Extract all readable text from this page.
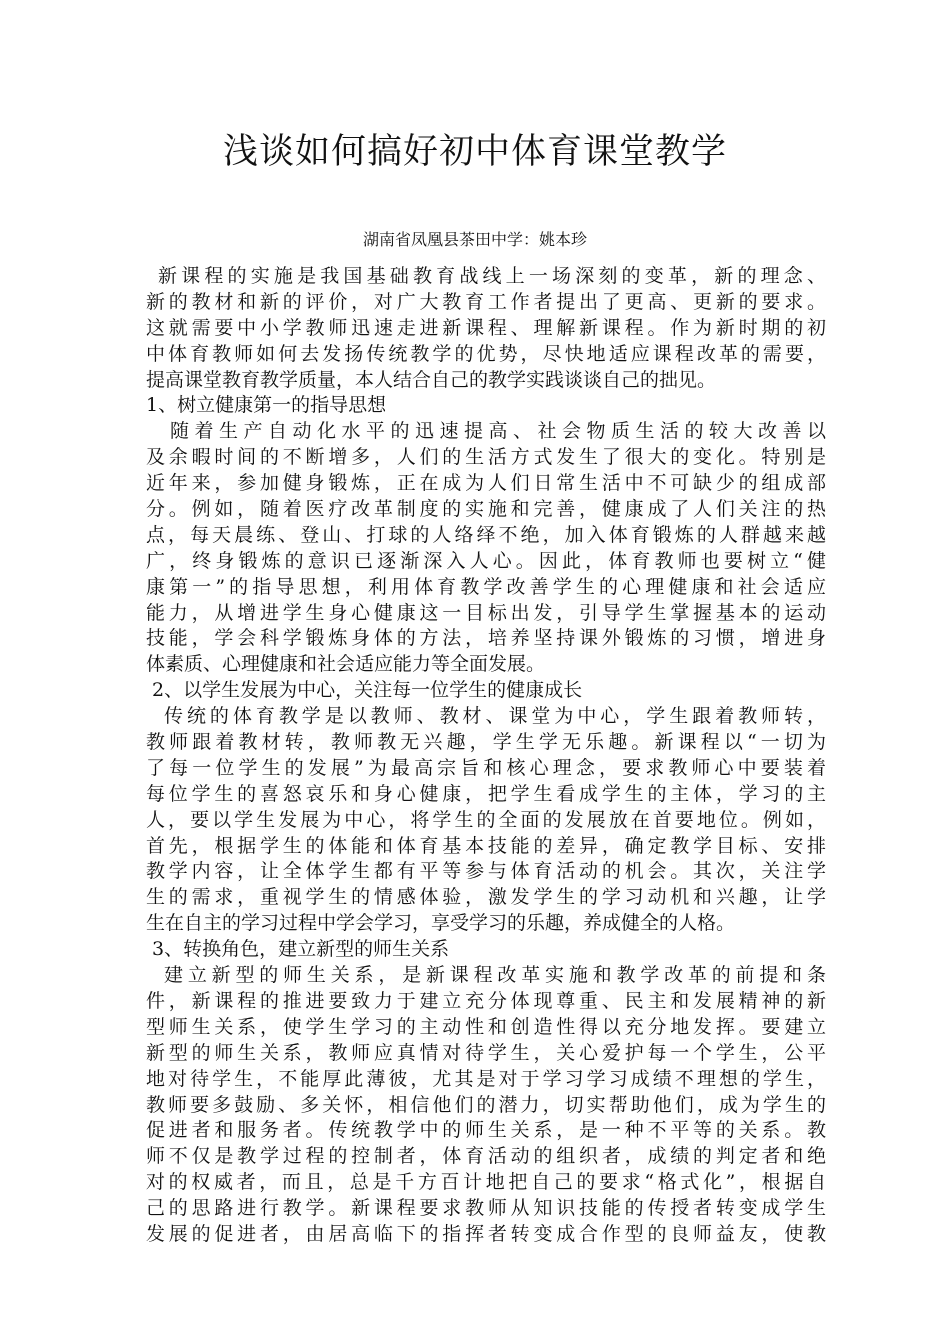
浅谈如何搞好初中体育课堂教学

湖南省凤凰县茶田中学：姚本珍

新课程的实施是我国基础教育战线上一场深刻的变革，新的理念、
新的教材和新的评价，对广大教育工作者提出了更高、更新的要求。
这就需要中小学教师迅速走进新课程、理解新课程。作为新时期的初
中体育教师如何去发扬传统教学的优势，尽快地适应课程改革的需要，
提高课堂教育教学质量，本人结合自己的教学实践谈谈自己的拙见。
1、树立健康第一的指导思想
随着生产自动化水平的迅速提高、社会物质生活的较大改善以
及余暇时间的不断增多，人们的生活方式发生了很大的变化。特别是
近年来，参加健身锻炼，正在成为人们日常生活中不可缺少的组成部
分。例如，随着医疗改革制度的实施和完善，健康成了人们关注的热
点，每天晨练、登山、打球的人络绎不绝，加入体育锻炼的人群越来越
广，终身锻炼的意识已逐渐深入人心。因此，体育教师也要树立“健
康第一”的指导思想，利用体育教学改善学生的心理健康和社会适应
能力，从增进学生身心健康这一目标出发，引导学生掌握基本的运动
技能，学会科学锻炼身体的方法，培养坚持课外锻炼的习惯，增进身
体素质、心理健康和社会适应能力等全面发展。
2、以学生发展为中心，关注每一位学生的健康成长
传统的体育教学是以教师、教材、课堂为中心，学生跟着教师转，
教师跟着教材转，教师教无兴趣，学生学无乐趣。新课程以“一切为
了每一位学生的发展”为最高宗旨和核心理念，要求教师心中要装着
每位学生的喜怒哀乐和身心健康，把学生看成学生的主体，学习的主
人，要以学生发展为中心，将学生的全面的发展放在首要地位。例如，
首先，根据学生的体能和体育基本技能的差异，确定教学目标、安排
教学内容，让全体学生都有平等参与体育活动的机会。其次，关注学
生的需求，重视学生的情感体验，激发学生的学习动机和兴趣，让学
生在自主的学习过程中学会学习，享受学习的乐趣，养成健全的人格。
3、转换角色，建立新型的师生关系
建立新型的师生关系，是新课程改革实施和教学改革的前提和条
件，新课程的推进要致力于建立充分体现尊重、民主和发展精神的新
型师生关系，使学生学习的主动性和创造性得以充分地发挥。要建立
新型的师生关系，教师应真情对待学生，关心爱护每一个学生，公平
地对待学生，不能厚此薄彼，尤其是对于学习学习成绩不理想的学生，
教师要多鼓励、多关怀，相信他们的潜力，切实帮助他们，成为学生的
促进者和服务者。传统教学中的师生关系，是一种不平等的关系。教
师不仅是教学过程的控制者，体育活动的组织者，成绩的判定者和绝
对的权威者，而且，总是千方百计地把自己的要求“格式化”，根据自
己的思路进行教学。新课程要求教师从知识技能的传授者转变成学生
发展的促进者，由居高临下的指挥者转变成合作型的良师益友，使教
